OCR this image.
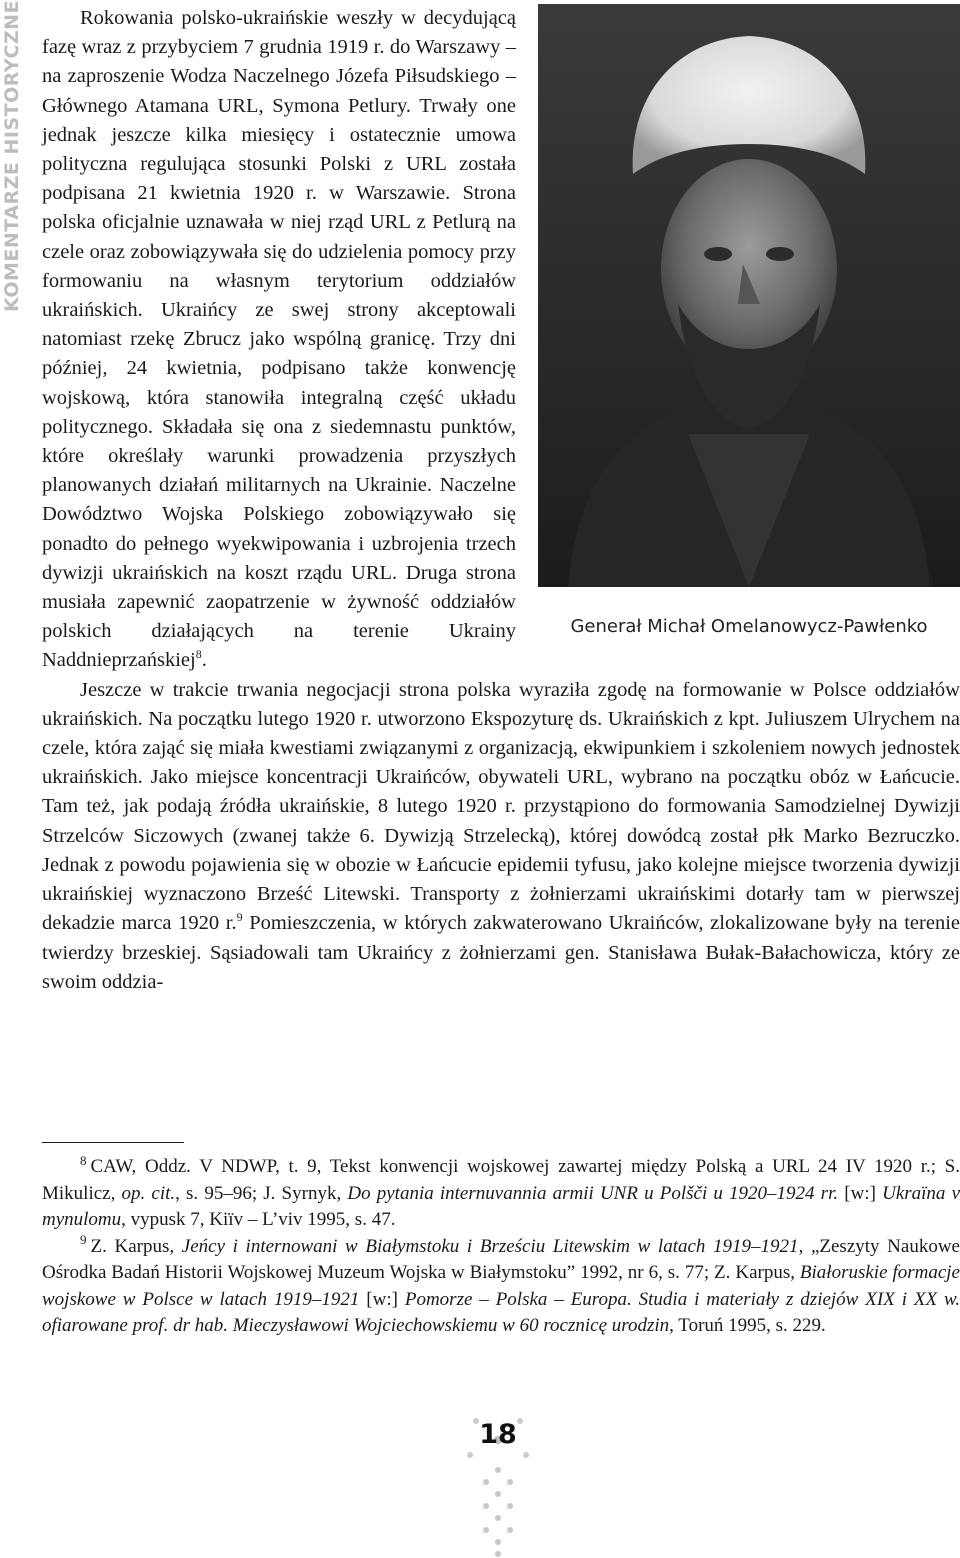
KOMENTARZE HISTORYCZNE
Generał Michał Omelanowycz-Pawłenko

Rokowania polsko-ukraińskie weszły w decydującą fazę wraz z przybyciem 7 grudnia 1919 r. do Warszawy – na zaproszenie Wodza Naczelnego Józefa Piłsudskiego – Głównego Atamana URL, Symona Petlury. Trwały one jednak jeszcze kilka miesięcy i ostatecznie umowa polityczna regulująca stosunki Polski z URL została podpisana 21 kwietnia 1920 r. w Warszawie. Strona polska oficjalnie uznawała w niej rząd URL z Petlurą na czele oraz zobowiązywała się do udzielenia pomocy przy formowaniu na własnym terytorium oddziałów ukraińskich. Ukraińcy ze swej strony akceptowali natomiast rzekę Zbrucz jako wspólną granicę. Trzy dni później, 24 kwietnia, podpisano także konwencję wojskową, która stanowiła integralną część układu politycznego. Składała się ona z siedemnastu punktów, które określały warunki prowadzenia przyszłych planowanych działań militarnych na Ukrainie. Naczelne Dowództwo Wojska Polskiego zobowiązywało się ponadto do pełnego wyekwipowania i uzbrojenia trzech dywizji ukraińskich na koszt rządu URL. Druga strona musiała zapewnić zaopatrzenie w żywność oddziałów polskich działających na terenie Ukrainy Naddnieprzańskiej$^8$.

Jeszcze w trakcie trwania negocjacji strona polska wyraziła zgodę na formowanie w Polsce oddziałów ukraińskich. Na początku lutego 1920 r. utworzono Ekspozyturę ds. Ukraińskich z kpt. Juliuszem Ulrychem na czele, która zająć się miała kwestiami związanymi z organizacją, ekwipunkiem i szkoleniem nowych jednostek ukraińskich. Jako miejsce koncentracji Ukraińców, obywateli URL, wybrano na początku obóz w Łańcucie. Tam też, jak podają źródła ukraińskie, 8 lutego 1920 r. przystąpiono do formowania Samodzielnej Dywizji Strzelców Siczowych (zwanej także 6. Dywizją Strzelecką), której dowódcą został płk Marko Bezruczko. Jednak z powodu pojawienia się w obozie w Łańcucie epidemii tyfusu, jako kolejne miejsce tworzenia dywizji ukraińskiej wyznaczono Brześć Litewski. Transporty z żołnierzami ukraińskimi dotarły tam w pierwszej dekadzie marca 1920 r.$^9$ Pomieszczenia, w których zakwaterowano Ukraińców, zlokalizowane były na terenie twierdzy brzeskiej. Sąsiadowali tam Ukraińcy z żołnierzami gen. Stanisława Bułak-Bałachowicza, który ze swoim oddzia-

$^8$ CAW, Oddz. V NDWP, t. 9, Tekst konwencji wojskowej zawartej między Polską a URL 24 IV 1920 r.; S. Mikulicz, op. cit., s. 95–96; J. Syrnyk, Do pytania internuvannia armii UNR u Polšči u 1920–1924 rr. [w:] Ukraïna v mynulomu, vypusk 7, Kiïv – L’viv 1995, s. 47.

$^9$ Z. Karpus, Jeńcy i internowani w Białymstoku i Brześciu Litewskim w latach 1919–1921, „Zeszyty Naukowe Ośrodka Badań Historii Wojskowej Muzeum Wojska w Białymstoku” 1992, nr 6, s. 77; Z. Karpus, Białoruskie formacje wojskowe w Polsce w latach 1919–1921 [w:] Pomorze – Polska – Europa. Studia i materiały z dziejów XIX i XX w. ofiarowane prof. dr hab. Mieczysławowi Wojciechowskiemu w 60 rocznicę urodzin, Toruń 1995, s. 229.

18
